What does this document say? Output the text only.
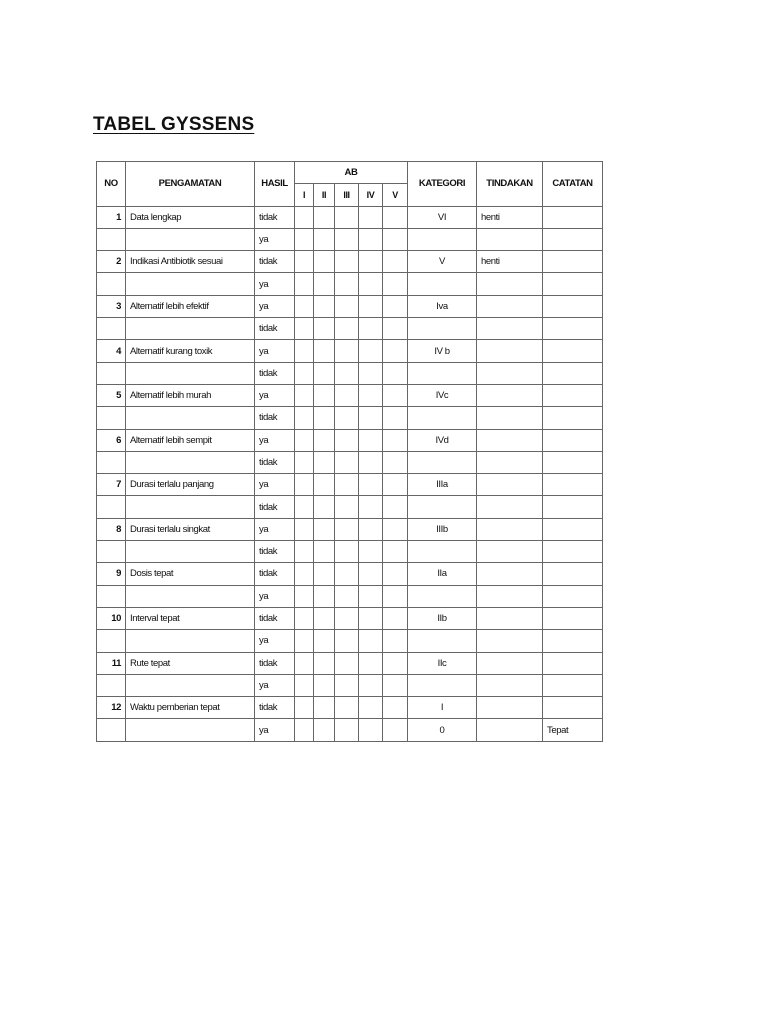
TABEL GYSSENS
NO	PENGAMATAN	HASIL	AB					KATEGORI	TINDAKAN	CATATAN
			I	II	III	IV	V			
1	Data lengkap	tidak						VI	henti	
		ya								
2	Indikasi Antibiotik sesuai	tidak						V	henti	
		ya								
3	Alternatif lebih efektif	ya						Iva		
		tidak								
4	Alternatif kurang toxik	ya						IV b		
		tidak								
5	Alternatif lebih murah	ya						IVc		
		tidak								
6	Alternatif lebih sempit	ya						IVd		
		tidak								
7	Durasi terlalu panjang	ya						IIIa		
		tidak								
8	Durasi terlalu singkat	ya						IIIb		
		tidak								
9	Dosis tepat	tidak						IIa		
		ya								
10	Interval tepat	tidak						IIb		
		ya								
11	Rute tepat	tidak						IIc		
		ya								
12	Waktu pemberian tepat	tidak						I		
		ya						0		Tepat
